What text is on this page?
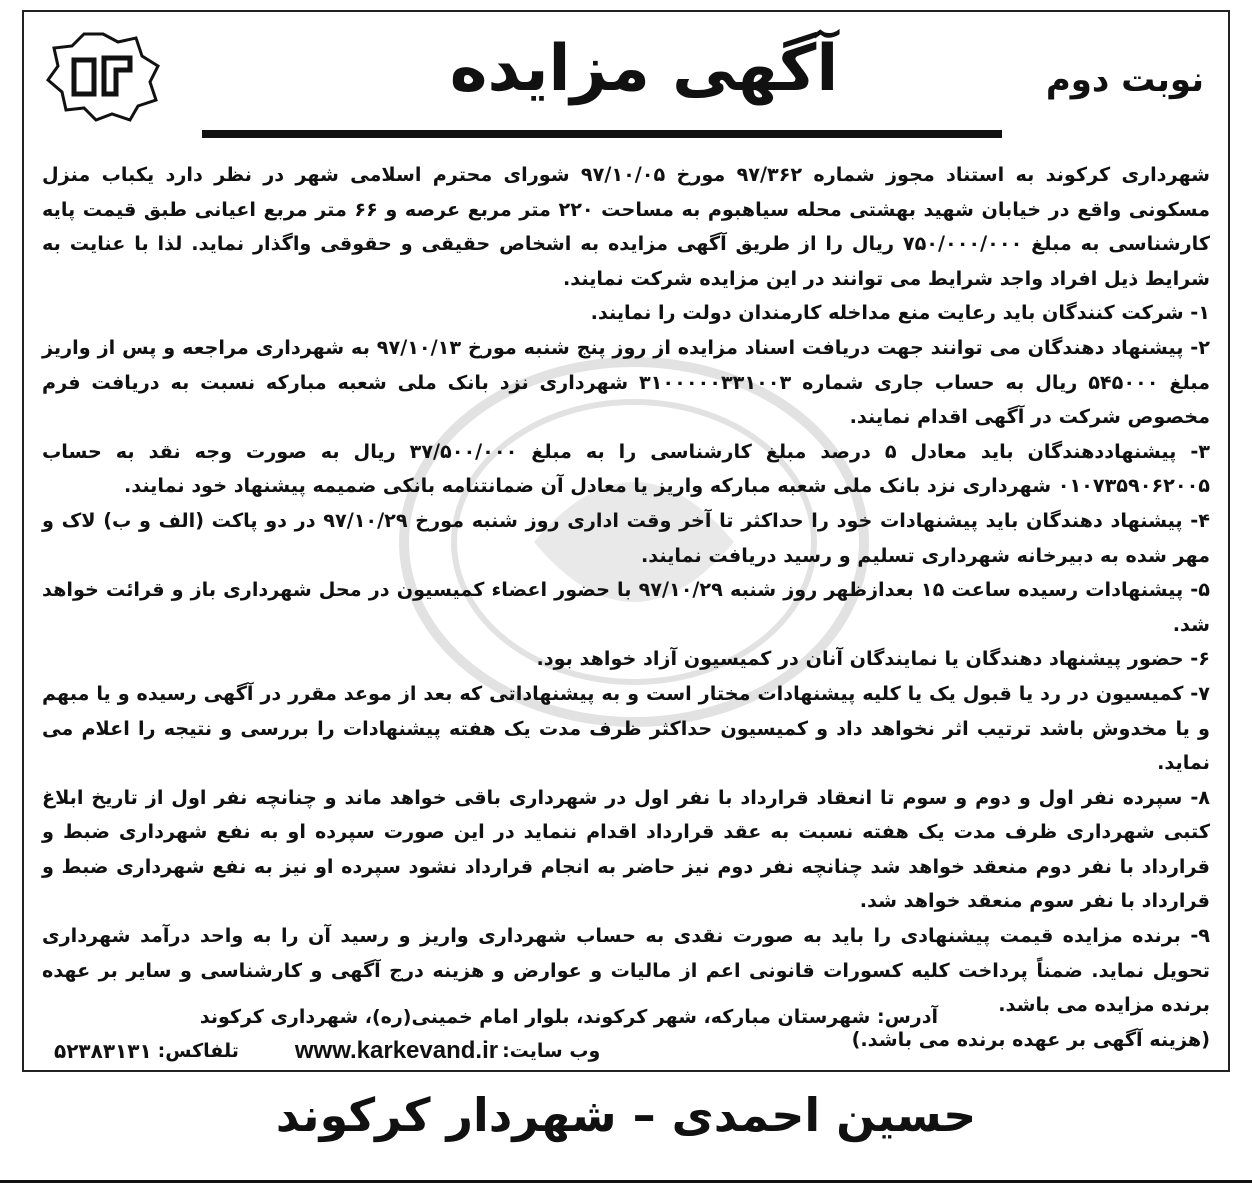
آگهی مزایده	نوبت دوم

شهرداری کرکوند به استناد مجوز شماره ۹۷/۳۶۲ مورخ ۹۷/۱۰/۰۵ شورای محترم اسلامی شهر در نظر دارد یکباب منزل مسکونی واقع در خیابان شهید بهشتی محله سیاهبوم به مساحت ۲۲۰ متر مربع عرصه و ۶۶ متر مربع اعیانی طبق قیمت پایه کارشناسی به مبلغ ۷۵۰/۰۰۰/۰۰۰ ریال را از طریق آگهی مزایده به اشخاص حقیقی و حقوقی واگذار نماید. لذا با عنایت به شرایط ذیل افراد واجد شرایط می توانند در این مزایده شرکت نمایند.

۱- شرکت کنندگان باید رعایت منع مداخله کارمندان دولت را نمایند.

۲- پیشنهاد دهندگان می توانند جهت دریافت اسناد مزایده از روز پنج شنبه مورخ ۹۷/۱۰/۱۳ به شهرداری مراجعه و پس از واریز مبلغ ۵۴۵۰۰۰ ریال به حساب جاری شماره ۳۱۰۰۰۰۰۳۳۱۰۰۳ شهرداری نزد بانک ملی شعبه مبارکه نسبت به دریافت فرم مخصوص شرکت در آگهی اقدام نمایند.

۳- پیشنهاددهندگان باید معادل ۵ درصد مبلغ کارشناسی را به مبلغ ۳۷/۵۰۰/۰۰۰ ریال به صورت وجه نقد به حساب ۰۱۰۷۳۵۹۰۶۲۰۰۵ شهرداری نزد بانک ملی شعبه مبارکه واریز یا معادل آن ضمانتنامه بانکی ضمیمه پیشنهاد خود نمایند.

۴- پیشنهاد دهندگان باید پیشنهادات خود را حداکثر تا آخر وقت اداری روز شنبه مورخ ۹۷/۱۰/۲۹ در دو پاکت (الف و ب) لاک و مهر شده به دبیرخانه شهرداری تسلیم و رسید دریافت نمایند.

۵- پیشنهادات رسیده ساعت ۱۵ بعدازظهر روز شنبه ۹۷/۱۰/۲۹ با حضور اعضاء کمیسیون در محل شهرداری باز و قرائت خواهد شد.

۶- حضور پیشنهاد دهندگان یا نمایندگان آنان در کمیسیون آزاد خواهد بود.

۷- کمیسیون در رد یا قبول یک یا کلیه پیشنهادات مختار است و به پیشنهاداتی که بعد از موعد مقرر در آگهی رسیده و یا مبهم و یا مخدوش باشد ترتیب اثر نخواهد داد و کمیسیون حداکثر ظرف مدت یک هفته پیشنهادات را بررسی و نتیجه را اعلام می نماید.

۸- سپرده نفر اول و دوم و سوم تا انعقاد قرارداد با نفر اول در شهرداری باقی خواهد ماند و چنانچه نفر اول از تاریخ ابلاغ کتبی شهرداری ظرف مدت یک هفته نسبت به عقد قرارداد اقدام ننماید در این صورت سپرده او به نفع شهرداری ضبط و قرارداد با نفر دوم منعقد خواهد شد چنانچه نفر دوم نیز حاضر به انجام قرارداد نشود سپرده او نیز به نفع شهرداری ضبط و قرارداد با نفر سوم منعقد خواهد شد.

۹- برنده مزایده قیمت پیشنهادی را باید به صورت نقدی به حساب شهرداری واریز و رسید آن را به واحد درآمد شهرداری تحویل نماید. ضمناً پرداخت کلیه کسورات قانونی اعم از مالیات و عوارض و هزینه درج آگهی و کارشناسی و سایر بر عهده برنده مزایده می باشد.

(هزینه آگهی بر عهده برنده می باشد.)

آدرس: شهرستان مبارکه، شهر کرکوند، بلوار امام خمینی(ره)، شهرداری کرکوند
وب سایت:
www.karkevand.ir
تلفاکس:
۵۲۳۸۳۱۳۱
حسین احمدی – شهردار کرکوند
